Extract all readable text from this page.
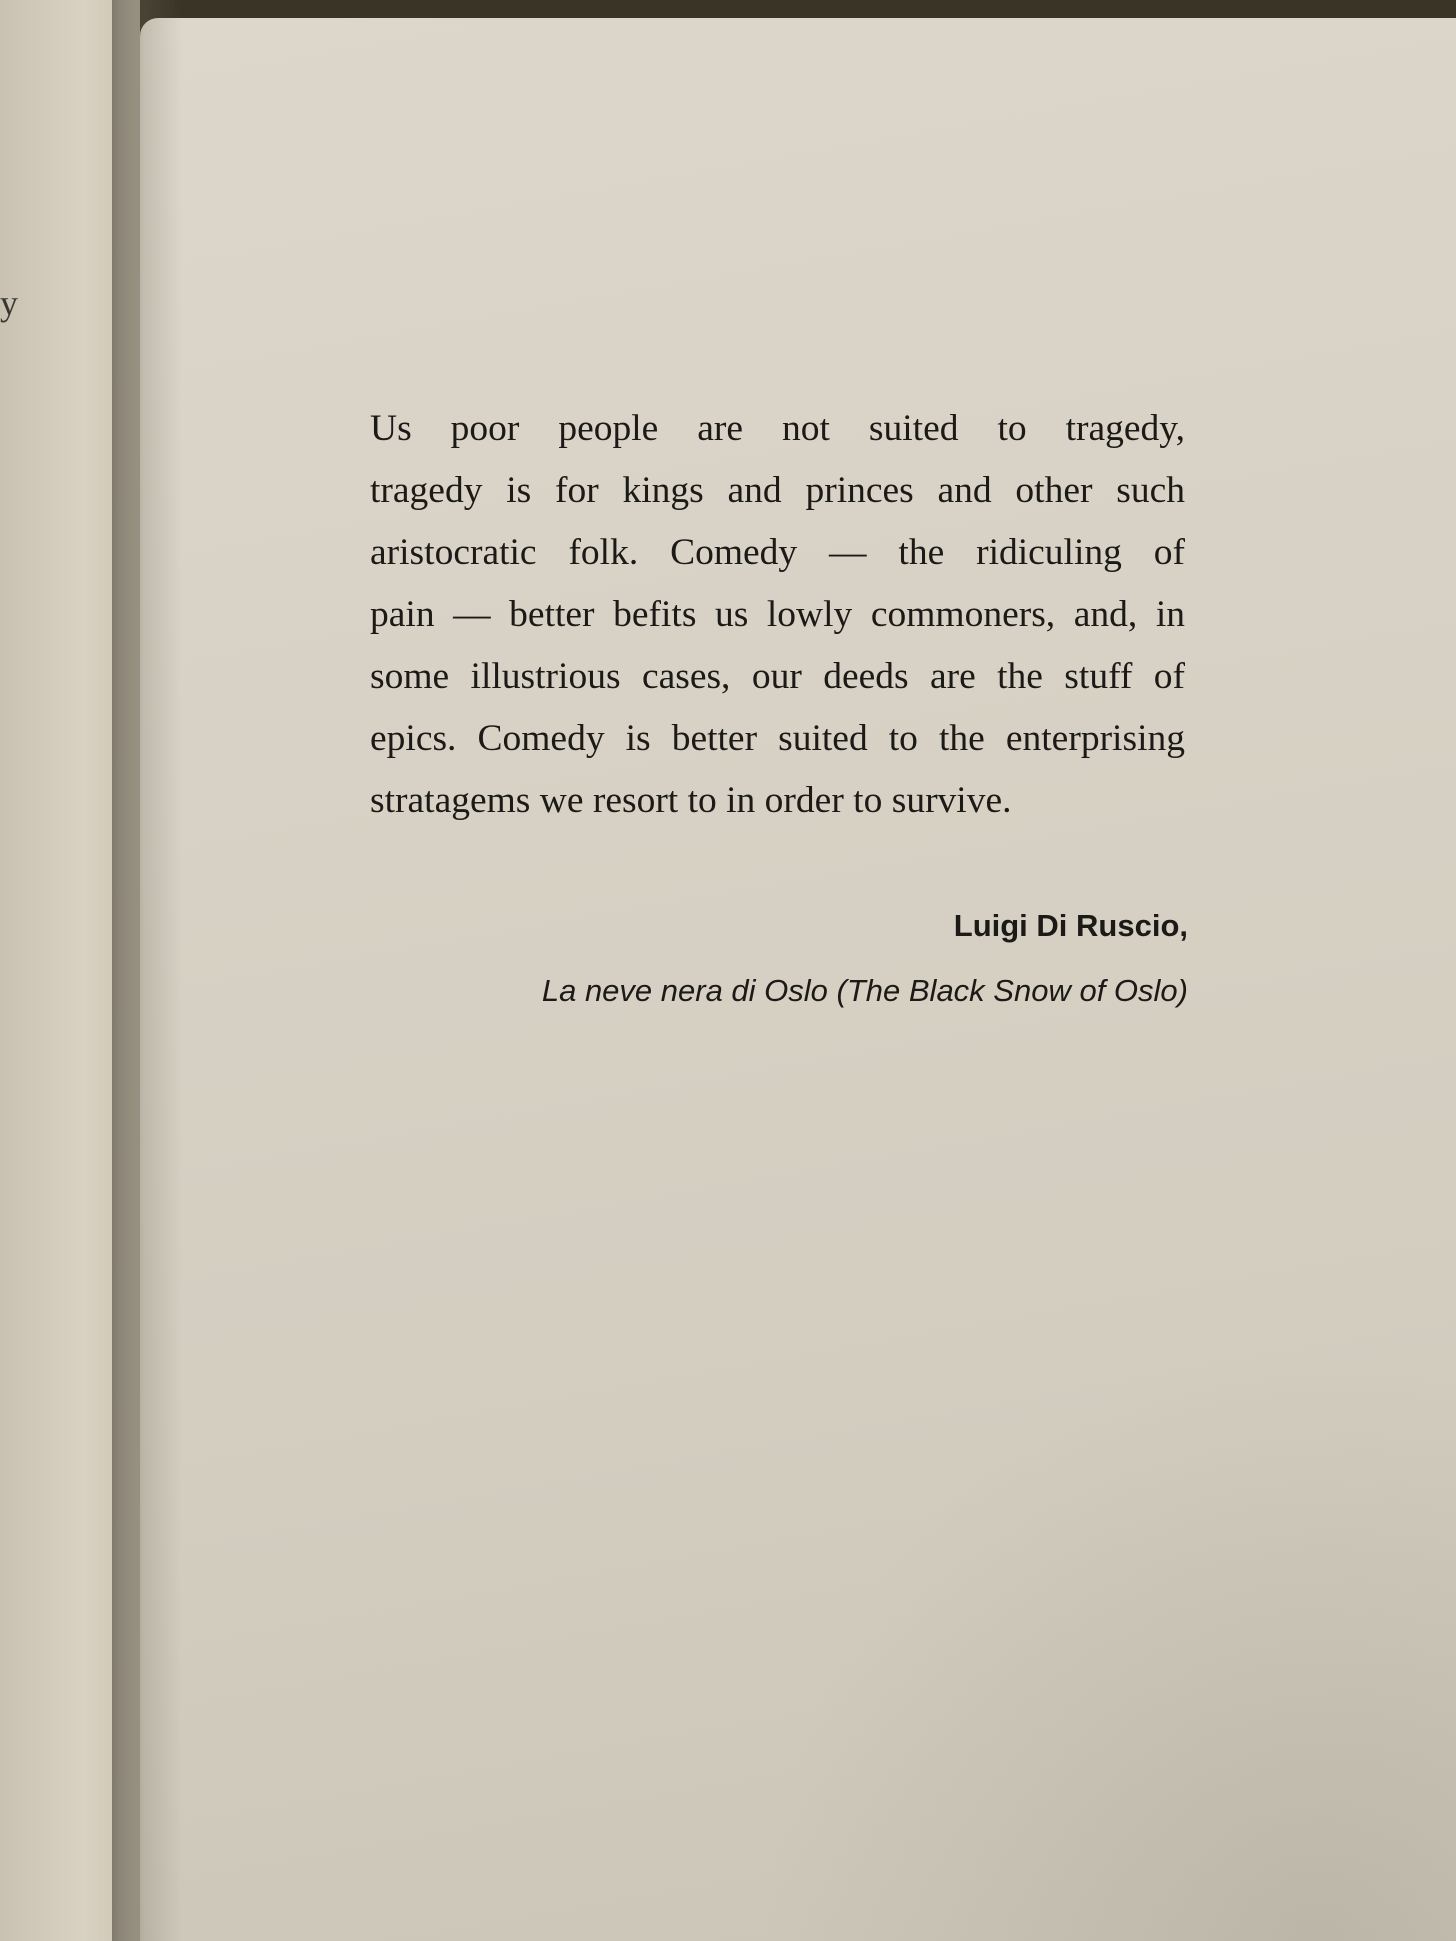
y
Us poor people are not suited to tragedy,
tragedy is for kings and princes and other such
aristocratic folk. Comedy — the ridiculing of
pain — better befits us lowly commoners, and, in
some illustrious cases, our deeds are the stuff of
epics. Comedy is better suited to the enterprising
stratagems we resort to in order to survive.
Luigi Di Ruscio,
La neve nera di Oslo (The Black Snow of Oslo)
